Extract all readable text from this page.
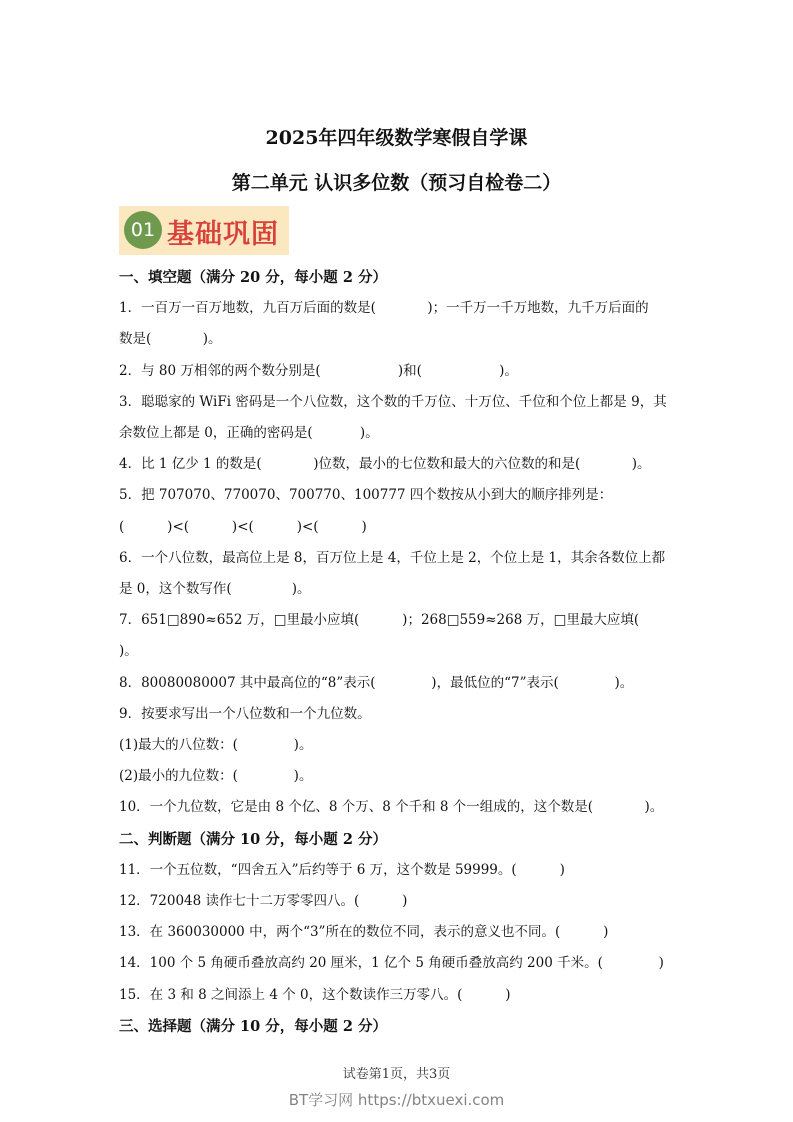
2025年四年级数学寒假自学课
第二单元 认识多位数（预习自检卷二）
01 基础巩固
一、填空题（满分 20 分，每小题 2 分）
1．一百万一百万地数，九百万后面的数是(            )；一千万一千万地数，九千万后面的
数是(            )。
2．与 80 万相邻的两个数分别是(                  )和(                  )。
3．聪聪家的 WiFi 密码是一个八位数，这个数的千万位、十万位、千位和个位上都是 9，其
余数位上都是 0，正确的密码是(           )。
4．比 1 亿少 1 的数是(            )位数，最小的七位数和最大的六位数的和是(            )。
5．把 707070、770070、700770、100777 四个数按从小到大的顺序排列是：
(          )<(          )<(          )<(          )
6．一个八位数，最高位上是 8，百万位上是 4，千位上是 2，个位上是 1，其余各数位上都
是 0，这个数写作(              )。
7．651□890≈652 万，□里最小应填(          )；268□559≈268 万，□里最大应填(          )。
8．80080080007 其中最高位的“8”表示(             )，最低位的“7”表示(             )。
9．按要求写出一个八位数和一个九位数。
(1)最大的八位数：(             )。
(2)最小的九位数：(             )。
10．一个九位数，它是由 8 个亿、8 个万、8 个千和 8 个一组成的，这个数是(            )。
二、判断题（满分 10 分，每小题 2 分）
11．一个五位数，“四舍五入”后约等于 6 万，这个数是 59999。(          )
12．720048 读作七十二万零零四八。(          )
13．在 360030000 中，两个“3”所在的数位不同，表示的意义也不同。(          )
14．100 个 5 角硬币叠放高约 20 厘米，1 亿个 5 角硬币叠放高约 200 千米。(             )
15．在 3 和 8 之间添上 4 个 0，这个数读作三万零八。(          )
三、选择题（满分 10 分，每小题 2 分）
试卷第1页，共3页
BT学习网 https://btxuexi.com
